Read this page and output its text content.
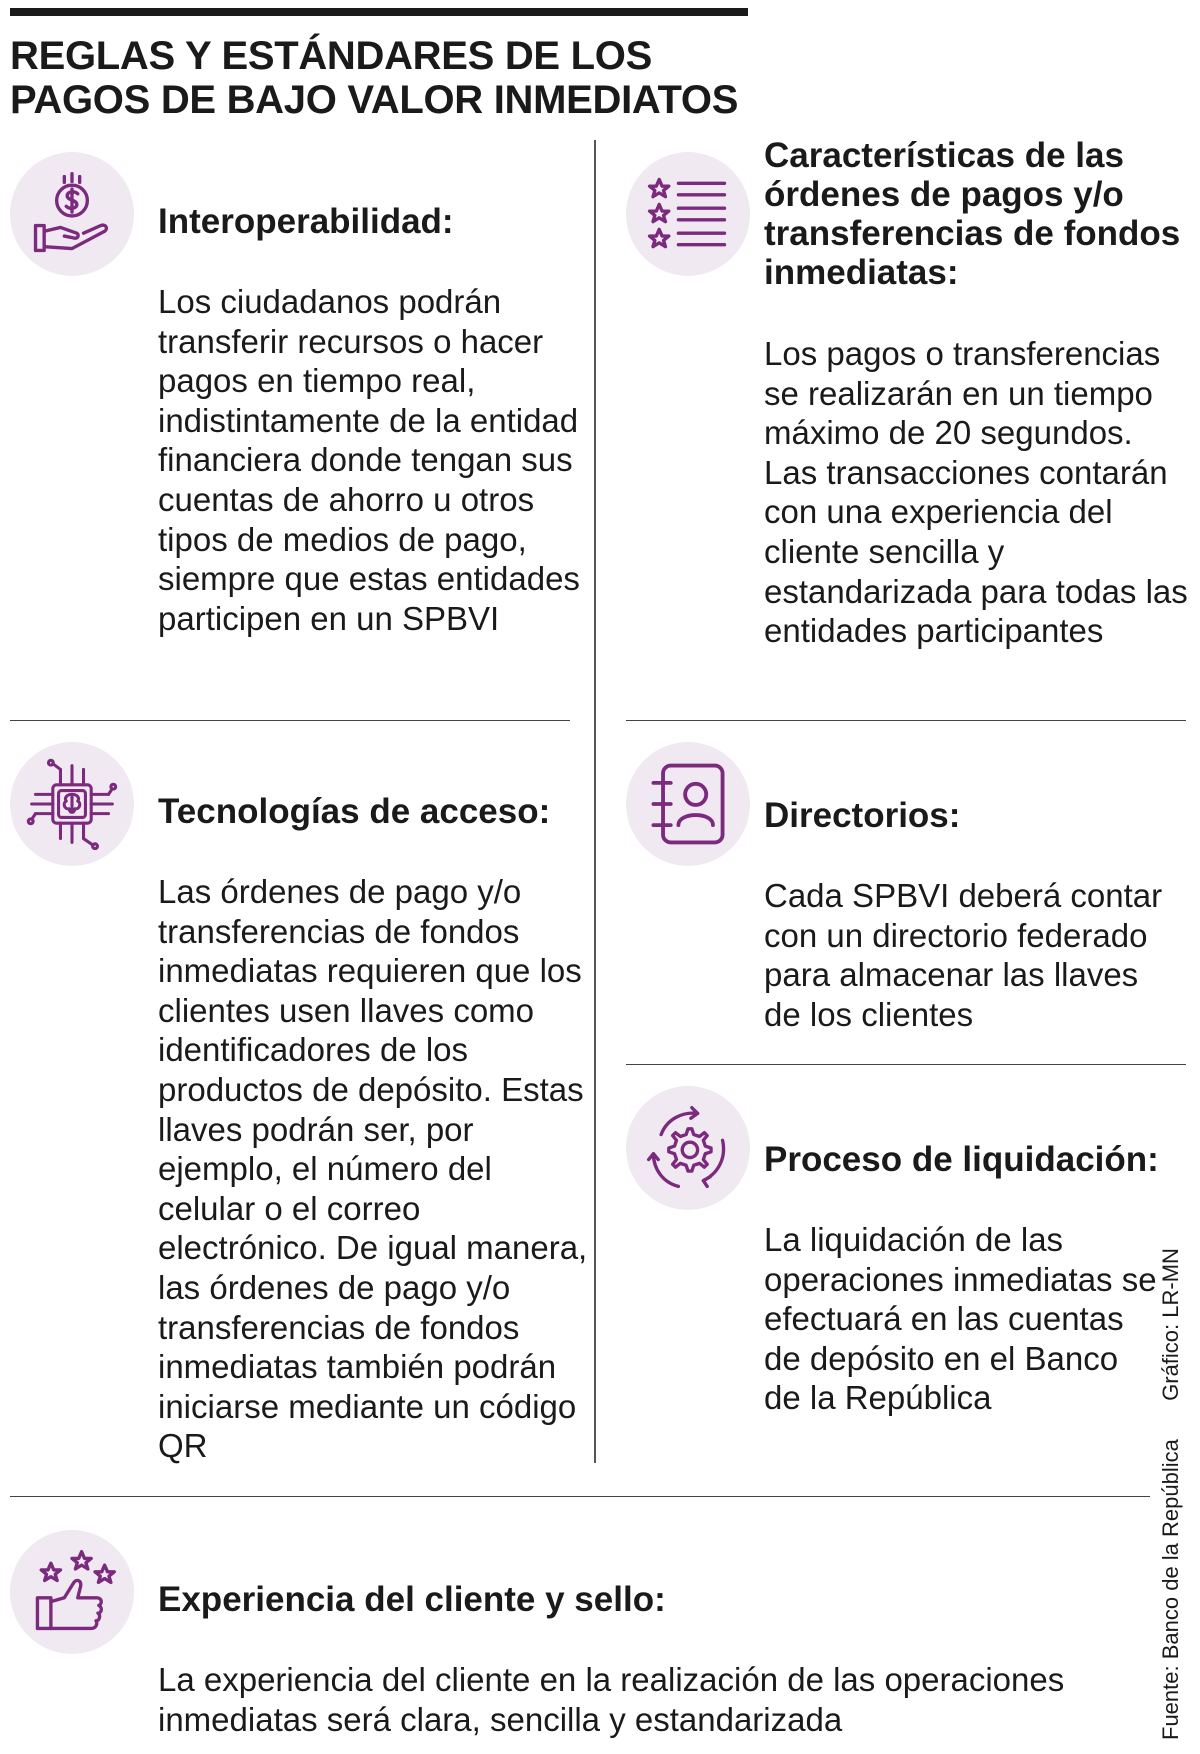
REGLAS Y ESTÁNDARES DE LOS PAGOS DE BAJO VALOR INMEDIATOS
Interoperabilidad:

Los ciudadanos podrán transferir recursos o hacer pagos en tiempo real, indistintamente de la entidad financiera donde tengan sus cuentas de ahorro u otros tipos de medios de pago, siempre que estas entidades participen en un SPBVI

Características de las órdenes de pagos y/o transferencias de fondos inmediatas:

Los pagos o transferencias se realizarán en un tiempo máximo de 20 segundos. Las transacciones contarán con una experiencia del cliente sencilla y estandarizada para todas las entidades participantes

Tecnologías de acceso:

Las órdenes de pago y/o transferencias de fondos inmediatas requieren que los clientes usen llaves como identificadores de los productos de depósito. Estas llaves podrán ser, por ejemplo, el número del celular o el correo electrónico. De igual manera, las órdenes de pago y/o transferencias de fondos inmediatas también podrán iniciarse mediante un código QR

Directorios:

Cada SPBVI deberá contar con un directorio federado para almacenar las llaves de los clientes

Proceso de liquidación:

La liquidación de las operaciones inmediatas se efectuará en las cuentas de depósito en el Banco de la República

Experiencia del cliente y sello:

La experiencia del cliente en la realización de las operaciones inmediatas será clara, sencilla y estandarizada	Fuente: Banco de la República  Gráfico: LR-MN
